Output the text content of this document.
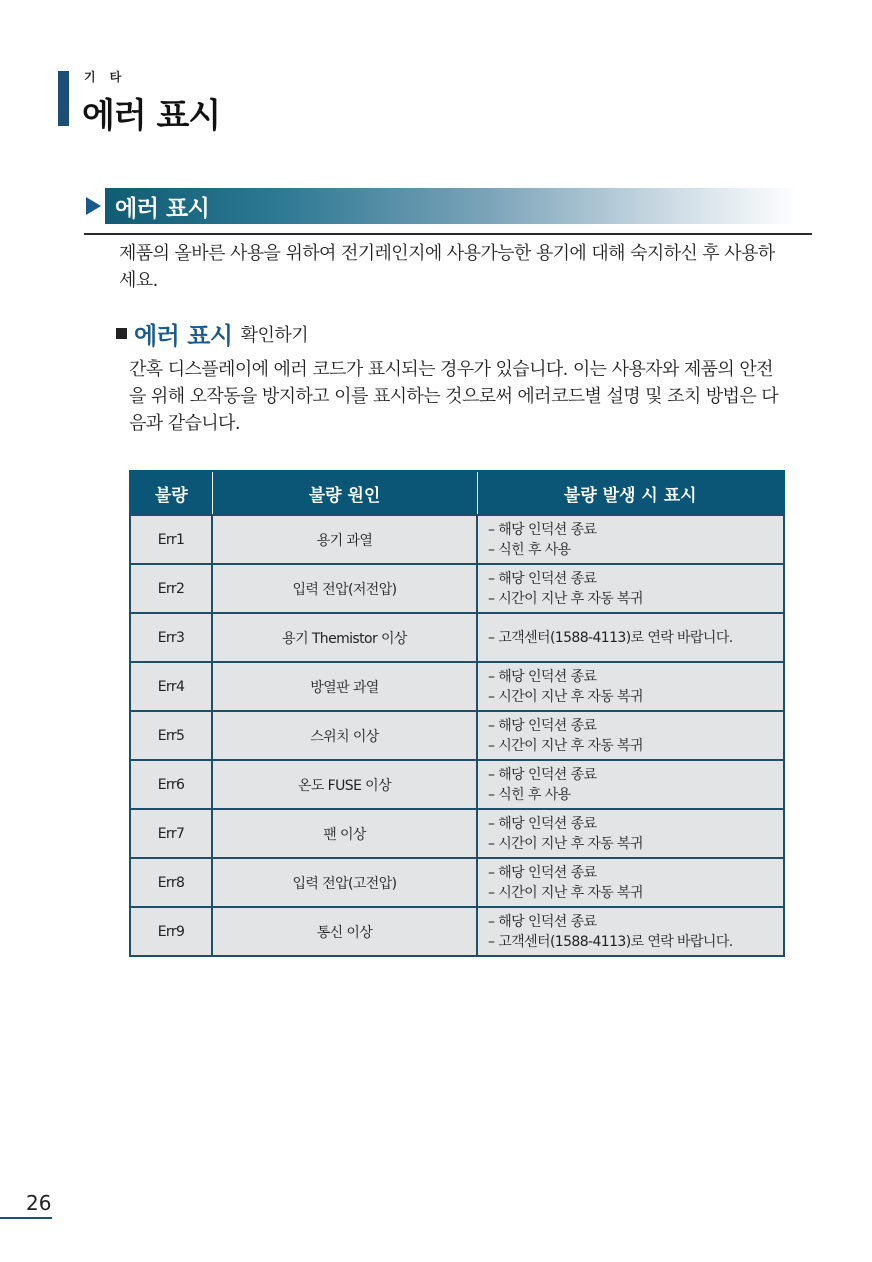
기타
에러 표시
에러 표시
제품의 올바른 사용을 위하여 전기레인지에 사용가능한 용기에 대해 숙지하신 후 사용하세요.
에러 표시 확인하기
간혹 디스플레이에 에러 코드가 표시되는 경우가 있습니다. 이는 사용자와 제품의 안전을 위해 오작동을 방지하고 이를 표시하는 것으로써 에러코드별 설명 및 조치 방법은 다음과 같습니다.
불량	불량 원인	불량 발생 시 표시
Err1	용기 과열	– 해당 인덕션 종료
– 식힌 후 사용

Err2	입력 전압(저전압)	– 해당 인덕션 종료
– 시간이 지난 후 자동 복귀

Err3	용기 Themistor 이상	– 고객센터(1588-4113)로 연락 바랍니다.

Err4	방열판 과열	– 해당 인덕션 종료
– 시간이 지난 후 자동 복귀

Err5	스위치 이상	– 해당 인덕션 종료
– 시간이 지난 후 자동 복귀

Err6	온도 FUSE 이상	– 해당 인덕션 종료
– 식힌 후 사용

Err7	팬 이상	– 해당 인덕션 종료
– 시간이 지난 후 자동 복귀

Err8	입력 전압(고전압)	– 해당 인덕션 종료
– 시간이 지난 후 자동 복귀

Err9	통신 이상	– 해당 인덕션 종료
– 고객센터(1588-4113)로 연락 바랍니다.
26
